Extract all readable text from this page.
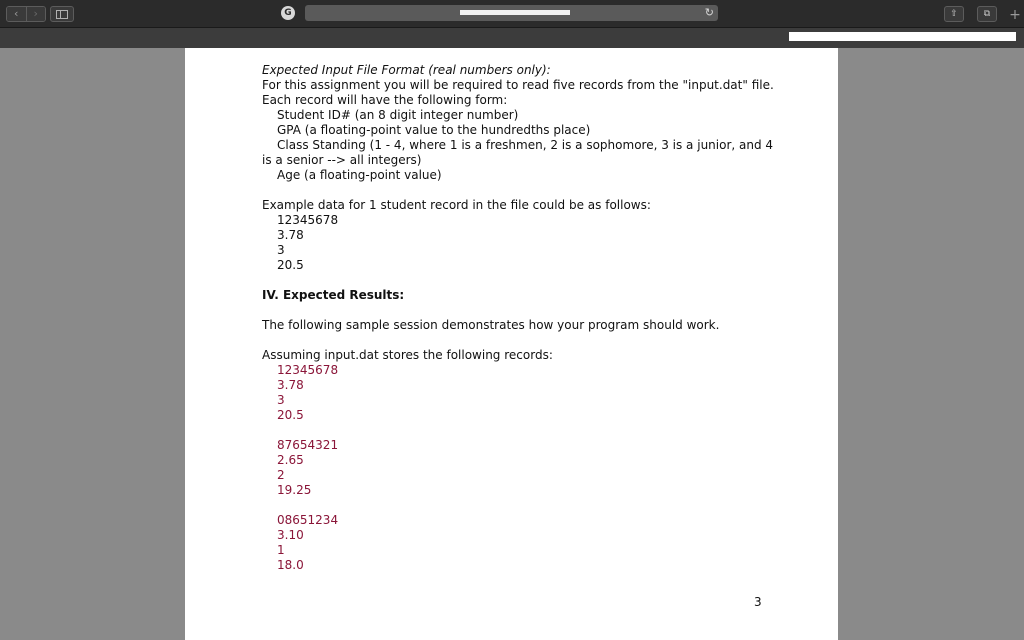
‹ ›	G	↻	⇧	⧉ +
Expected Input File Format (real numbers only):
For this assignment you will be required to read five records from the "input.dat" file.
Each record will have the following form:
Student ID# (an 8 digit integer number)
GPA (a floating-point value to the hundredths place)
Class Standing (1 - 4, where 1 is a freshmen, 2 is a sophomore, 3 is a junior, and 4
is a senior --> all integers)
Age (a floating-point value)
Example data for 1 student record in the file could be as follows:
12345678
3.78
3
20.5
IV. Expected Results:
The following sample session demonstrates how your program should work.
Assuming input.dat stores the following records:
12345678
3.78
3
20.5
87654321
2.65
2
19.25
08651234
3.10
1
18.0
3
